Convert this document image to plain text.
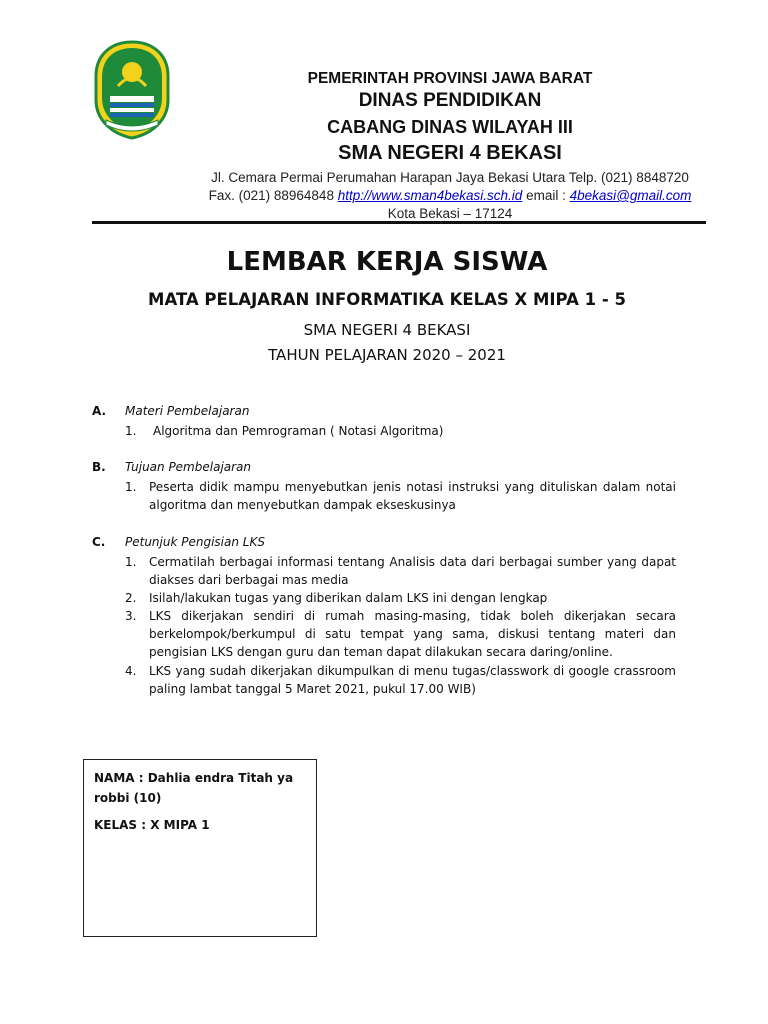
PEMERINTAH PROVINSI JAWA BARAT
DINAS PENDIDIKAN
CABANG DINAS WILAYAH III
SMA NEGERI 4 BEKASI
Jl. Cemara Permai Perumahan Harapan Jaya Bekasi Utara Telp. (021) 8848720
Fax. (021) 88964848 http://www.sman4bekasi.sch.id email : 4bekasi@gmail.com
Kota Bekasi – 17124
LEMBAR KERJA SISWA
MATA PELAJARAN INFORMATIKA KELAS X MIPA 1 - 5
SMA NEGERI 4 BEKASI
TAHUN PELAJARAN 2020 – 2021
A.	Materi Pembelajaran
1. Algoritma dan Pemrograman ( Notasi Algoritma)
B.	Tujuan Pembelajaran
1. Peserta didik mampu menyebutkan jenis notasi instruksi yang dituliskan dalam notai algoritma dan menyebutkan dampak ekseskusinya
C.	Petunjuk Pengisian LKS
1. Cermatilah berbagai informasi tentang Analisis data dari berbagai sumber yang dapat diakses dari berbagai mas media
2. Isilah/lakukan tugas yang diberikan dalam LKS ini dengan lengkap
3. LKS dikerjakan sendiri di rumah masing-masing, tidak boleh dikerjakan secara berkelompok/berkumpul di satu tempat yang sama, diskusi tentang materi dan pengisian LKS dengan guru dan teman dapat dilakukan secara daring/online.
4. LKS yang sudah dikerjakan dikumpulkan di menu tugas/classwork di google crassroom paling lambat tanggal 5 Maret 2021, pukul 17.00 WIB)
NAMA : Dahlia endra Titah ya robbi (10)
KELAS : X MIPA 1
